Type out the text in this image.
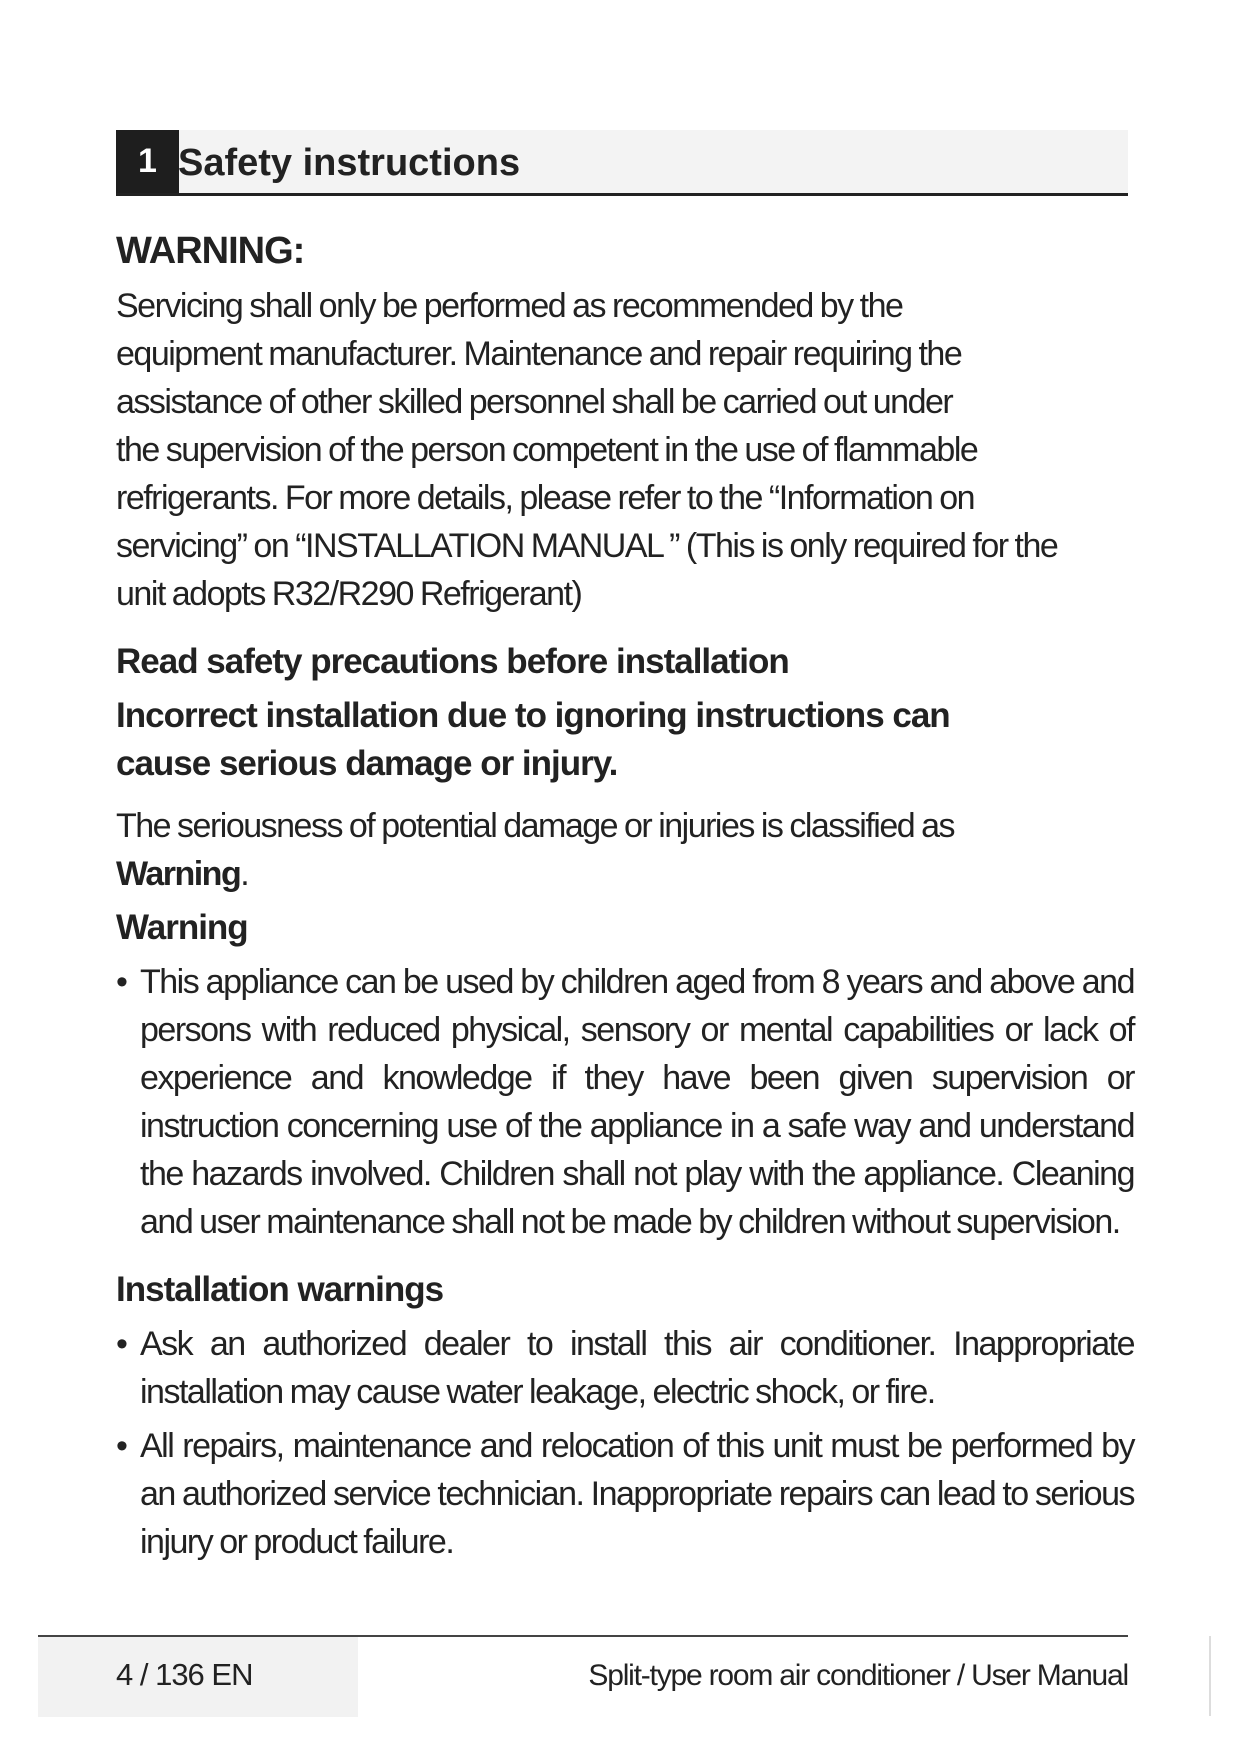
1 Safety instructions

WARNING:

Servicing shall only be performed as recommended by the

equipment manufacturer. Maintenance and repair requiring the

assistance of other skilled personnel shall be carried out under

the supervision of the person competent in the use of flammable

refrigerants. For more details, please refer to the “Information on

servicing” on “INSTALLATION MANUAL ” (This is only required for the

unit adopts R32/R290 Refrigerant)

Read safety precautions before installation

Incorrect installation due to ignoring instructions can

cause serious damage or injury.

The seriousness of potential damage or injuries is classified as

Warning.

Warning

• This appliance can be used by children aged from 8 years and above and persons with reduced physical, sensory or mental capabilities or lack of experience and knowledge if they have been given supervision or instruction concerning use of the appliance in a safe way and understand the hazards involved. Children shall not play with the appliance. Cleaning and user maintenance shall not be made by children without supervision.

Installation warnings

• Ask an authorized dealer to install this air conditioner. Inappropriate installation may cause water leakage, electric shock, or fire.

• All repairs, maintenance and relocation of this unit must be performed by an authorized service technician. Inappropriate repairs can lead to serious injury or product failure.

4 / 136 EN	Split-type room air conditioner / User Manual
